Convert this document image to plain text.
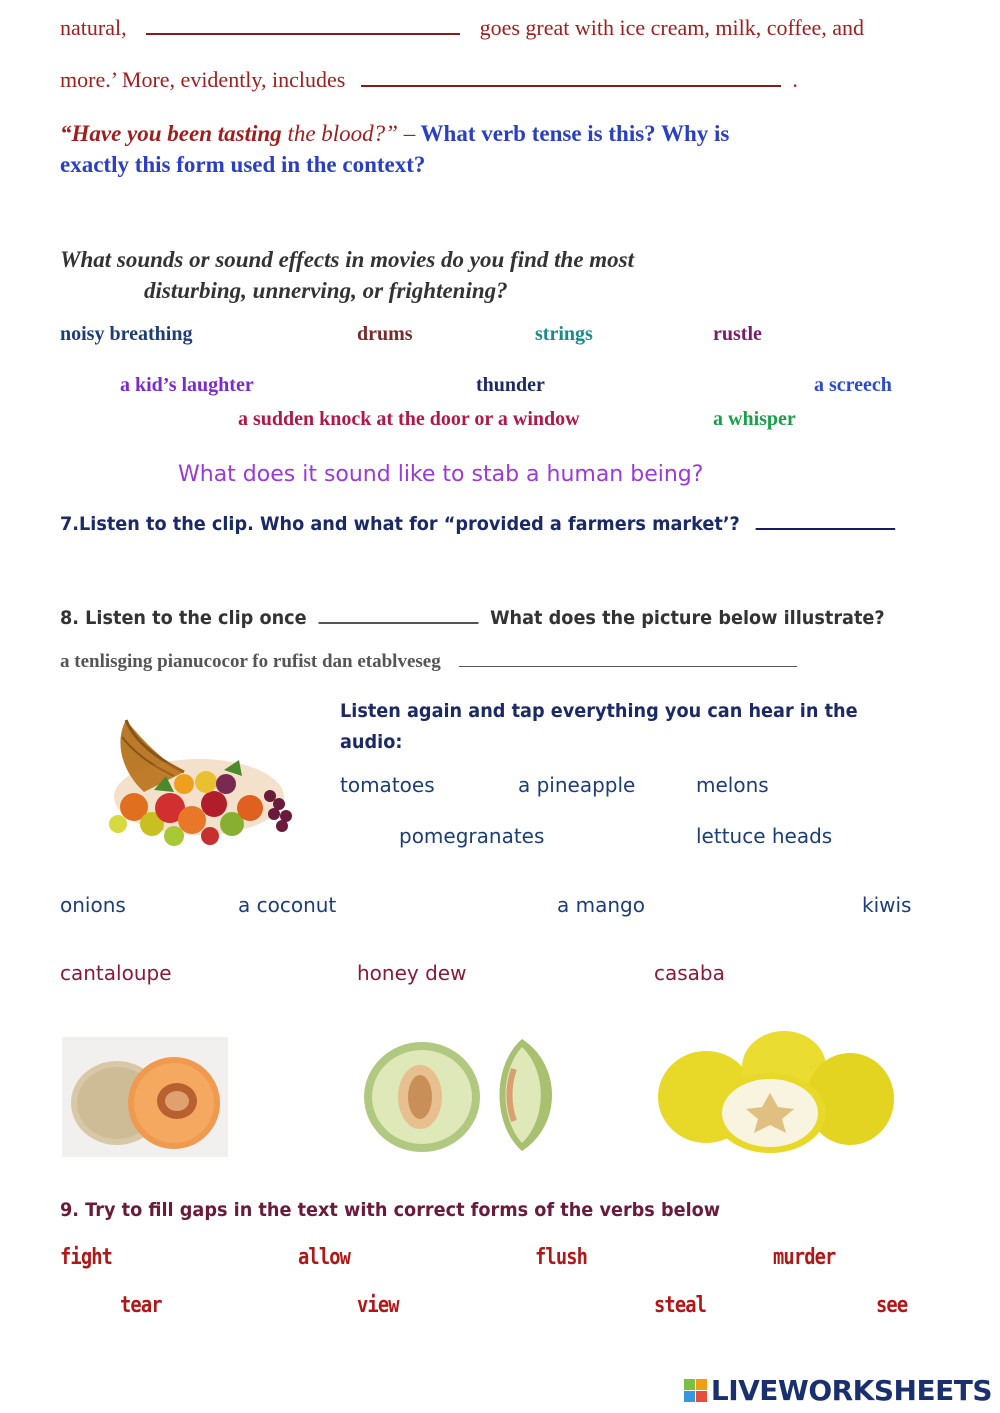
natural,	goes great with ice cream, milk, coffee, and
more.’ More, evidently, includes	.
“Have you been tasting the blood?” – What verb tense is this? Why is
exactly this form used in the context?
What sounds or sound effects in movies do you find the most
disturbing, unnerving, or frightening?
noisy breathing	drums	strings	rustle
a kid’s laughter	thunder	a screech
a sudden knock at the door or a window	a whisper
What does it sound like to stab a human being?
7.Listen to the clip. Who and what for “provided a farmers market’?
8. Listen to the clip once	What does the picture below illustrate?
a tenlisging pianucocor fo rufist dan etablveseg
Listen again and tap everything you can hear in the
audio:
tomatoes	a pineapple	melons
pomegranates	lettuce heads
onions	a coconut	a mango	kiwis
cantaloupe	honey dew	casaba
9. Try to fill gaps in the text with correct forms of the verbs below
fight	allow	flush	murder
tear	view	steal	see
LIVEWORKSHEETS
